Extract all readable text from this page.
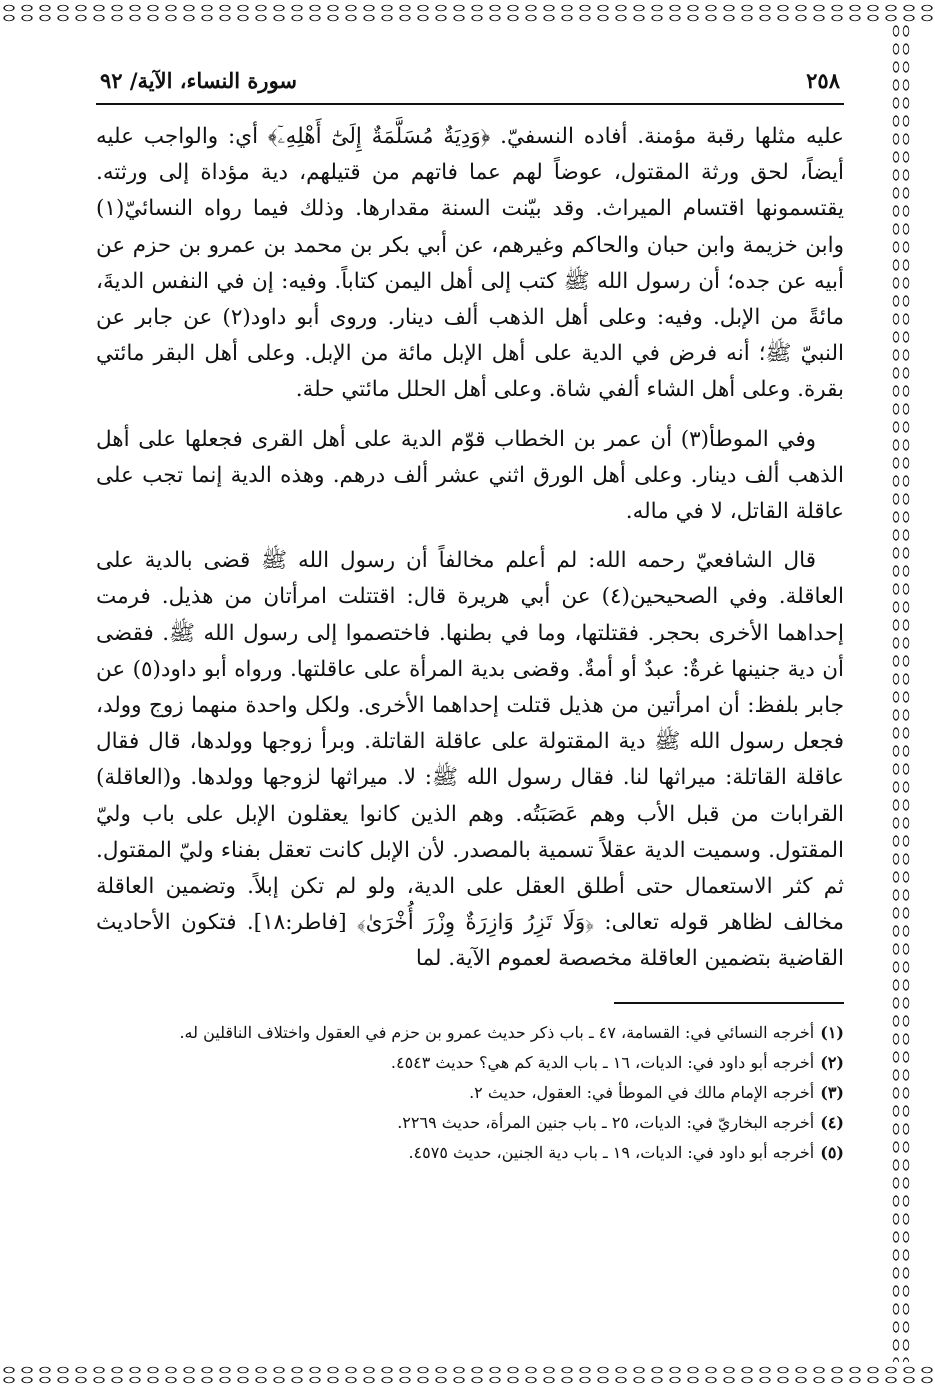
٢٥٨
سورة النساء، الآية/ ٩٢

عليه مثلها رقبة مؤمنة. أفاده النسفيّ. ﴿وَدِيَةٌ مُسَلَّمَةٌ إِلَىٰٓ أَهْلِهِۦٓ﴾ أي: والواجب عليه أيضاً، لحق ورثة المقتول، عوضاً لهم عما فاتهم من قتيلهم، دية مؤداة إلى ورثته. يقتسمونها اقتسام الميراث. وقد بيّنت السنة مقدارها. وذلك فيما رواه النسائيّ(١) وابن خزيمة وابن حبان والحاكم وغيرهم، عن أبي بكر بن محمد بن عمرو بن حزم عن أبيه عن جده؛ أن رسول الله ﷺ كتب إلى أهل اليمن كتاباً. وفيه: إن في النفس الديةَ، مائةً من الإبل. وفيه: وعلى أهل الذهب ألف دينار. وروى أبو داود(٢) عن جابر عن النبيّ ﷺ؛ أنه فرض في الدية على أهل الإبل مائة من الإبل. وعلى أهل البقر مائتي بقرة. وعلى أهل الشاء ألفي شاة. وعلى أهل الحلل مائتي حلة.

وفي الموطأ(٣) أن عمر بن الخطاب قوّم الدية على أهل القرى فجعلها على أهل الذهب ألف دينار. وعلى أهل الورق اثني عشر ألف درهم. وهذه الدية إنما تجب على عاقلة القاتل، لا في ماله.

قال الشافعيّ رحمه الله: لم أعلم مخالفاً أن رسول الله ﷺ قضى بالدية على العاقلة. وفي الصحيحين(٤) عن أبي هريرة قال: اقتتلت امرأتان من هذيل. فرمت إحداهما الأخرى بحجر. فقتلتها، وما في بطنها. فاختصموا إلى رسول الله ﷺ. فقضى أن دية جنينها غرةٌ: عبدٌ أو أمةٌ. وقضى بدية المرأة على عاقلتها. ورواه أبو داود(٥) عن جابر بلفظ: أن امرأتين من هذيل قتلت إحداهما الأخرى. ولكل واحدة منهما زوج وولد، فجعل رسول الله ﷺ دية المقتولة على عاقلة القاتلة. وبرأ زوجها وولدها، قال فقال عاقلة القاتلة: ميراثها لنا. فقال رسول الله ﷺ: لا. ميراثها لزوجها وولدها. و(العاقلة) القرابات من قبل الأب وهم عَصَبَتُه. وهم الذين كانوا يعقلون الإبل على باب وليّ المقتول. وسميت الدية عقلاً تسمية بالمصدر. لأن الإبل كانت تعقل بفناء وليّ المقتول. ثم كثر الاستعمال حتى أطلق العقل على الدية، ولو لم تكن إبلاً. وتضمين العاقلة مخالف لظاهر قوله تعالى: ﴿وَلَا تَزِرُ وَازِرَةٌ وِزْرَ أُخْرَىٰ﴾ [فاطر:١٨]. فتكون الأحاديث القاضية بتضمين العاقلة مخصصة لعموم الآية. لما

(١)أخرجه النسائي في: القسامة، ٤٧ ـ باب ذكر حديث عمرو بن حزم في العقول واختلاف الناقلين له.

(٢)أخرجه أبو داود في: الديات، ١٦ ـ باب الدية كم هي؟ حديث ٤٥٤٣.

(٣)أخرجه الإمام مالك في الموطأ في: العقول، حديث ٢.

(٤)أخرجه البخاريّ في: الديات، ٢٥ ـ باب جنين المرأة، حديث ٢٢٦٩.

(٥)أخرجه أبو داود في: الديات، ١٩ ـ باب دية الجنين، حديث ٤٥٧٥.
